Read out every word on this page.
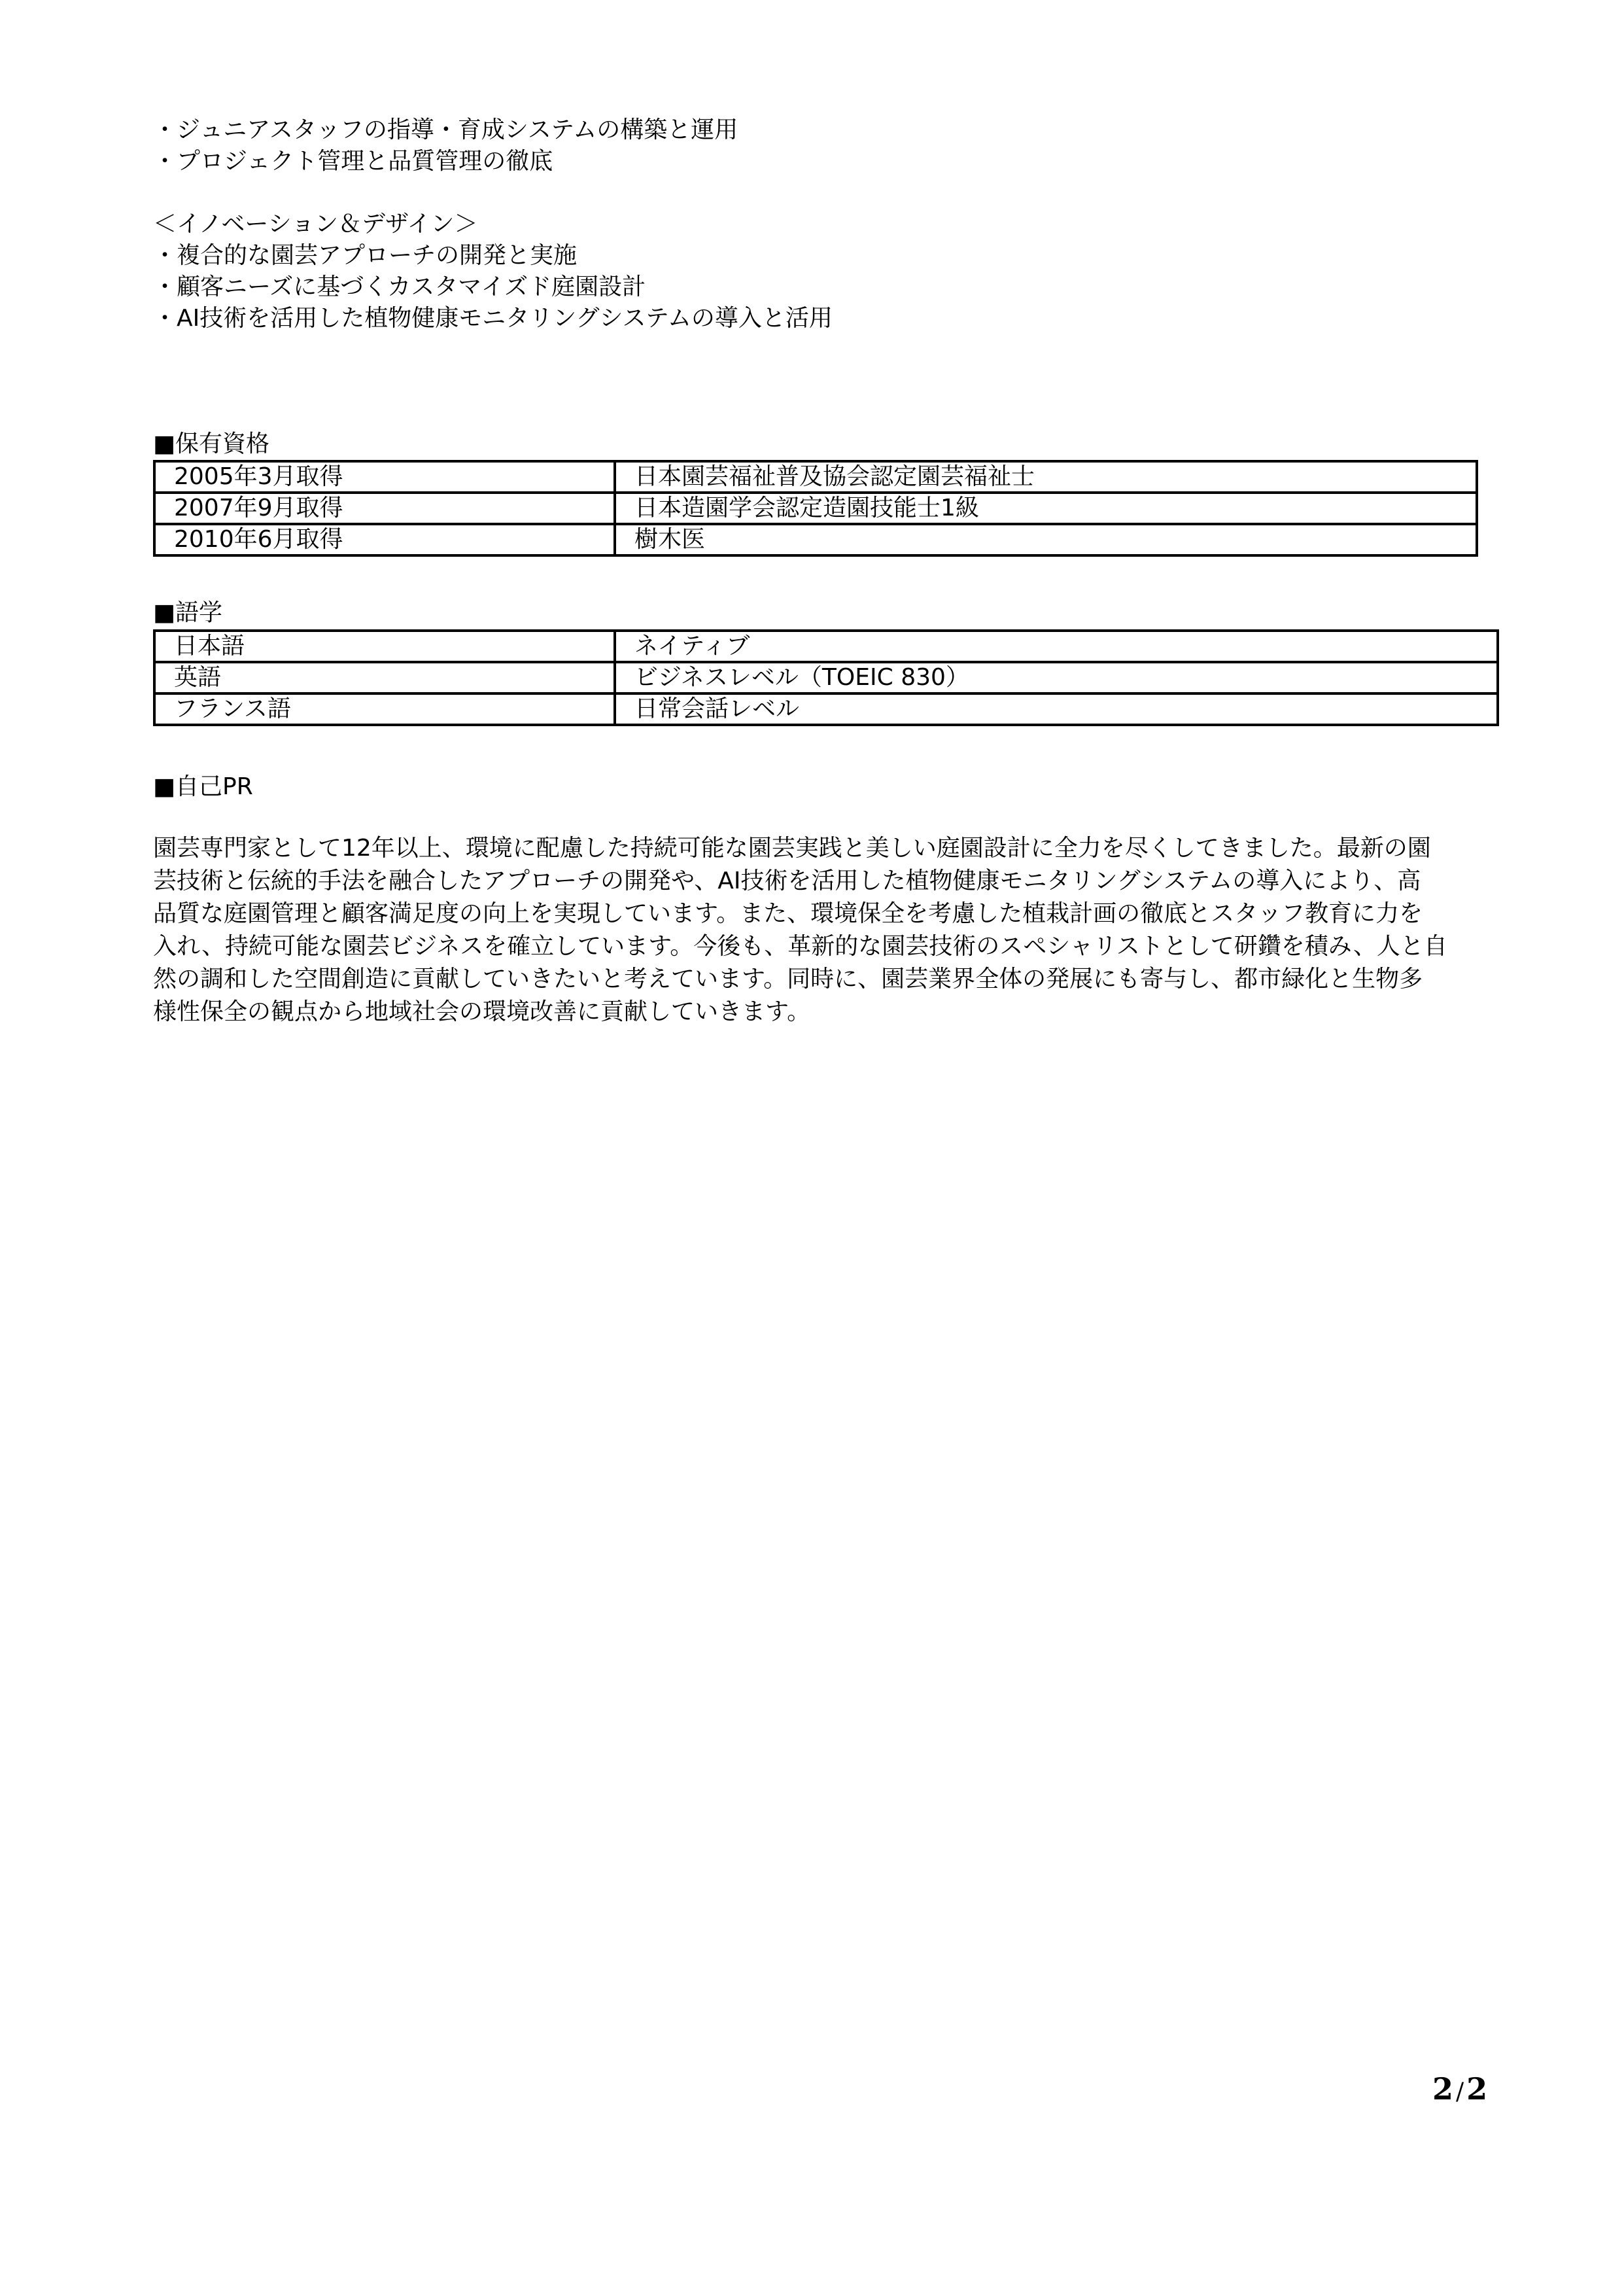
・ジュニアスタッフの指導・育成システムの構築と運用
・プロジェクト管理と品質管理の徹底
＜イノベーション＆デザイン＞
・複合的な園芸アプローチの開発と実施
・顧客ニーズに基づくカスタマイズド庭園設計
・AI技術を活用した植物健康モニタリングシステムの導入と活用
■保有資格
2005年3月取得	日本園芸福祉普及協会認定園芸福祉士
2007年9月取得	日本造園学会認定造園技能士1級
2010年6月取得	樹木医
■語学
日本語	ネイティブ
英語	ビジネスレベル（TOEIC 830）
フランス語	日常会話レベル
■自己PR

園芸専門家として12年以上、環境に配慮した持続可能な園芸実践と美しい庭園設計に全力を尽くしてきました。最新の園

芸技術と伝統的手法を融合したアプローチの開発や、AI技術を活用した植物健康モニタリングシステムの導入により、高

品質な庭園管理と顧客満足度の向上を実現しています。また、環境保全を考慮した植栽計画の徹底とスタッフ教育に力を

入れ、持続可能な園芸ビジネスを確立しています。今後も、革新的な園芸技術のスペシャリストとして研鑽を積み、人と自

然の調和した空間創造に貢献していきたいと考えています。同時に、園芸業界全体の発展にも寄与し、都市緑化と生物多

様性保全の観点から地域社会の環境改善に貢献していきます。

2 /2
